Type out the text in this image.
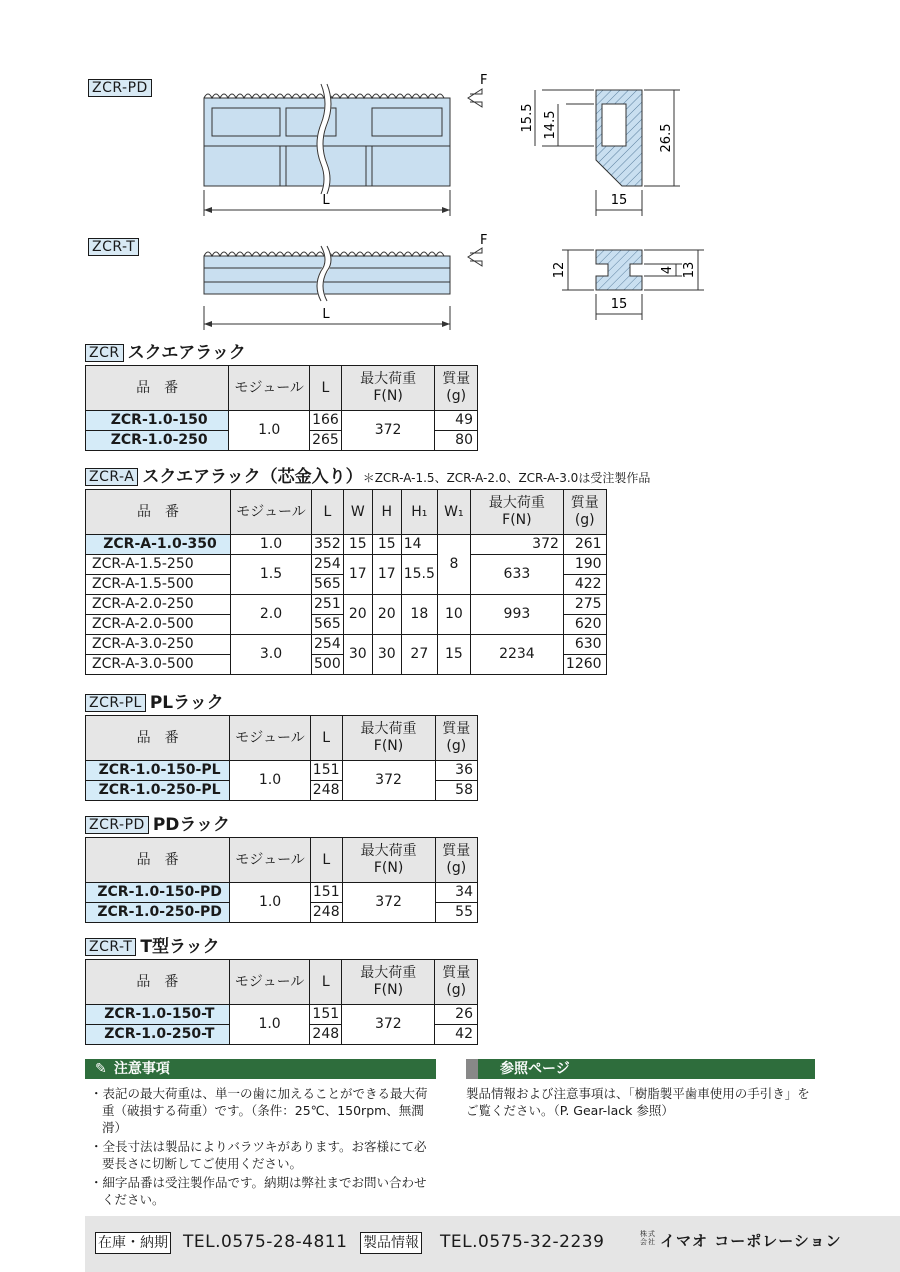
ZCR-PD
ZCR-T
L
F
15.5 14.5	26.5
15
L
F
12	4 13
15
ZCR スクエアラック
品　番	モジュール	L	最大荷重
F(N)	質量
(g)
ZCR-1.0-150	1.0	166	372	49
ZCR-1.0-250		265		80
ZCR-A スクエアラック（芯金入り）＊ZCR-A-1.5、ZCR-A-2.0、ZCR-A-3.0は受注製作品
品　番	モジュール	L	W	H	H₁	W₁	最大荷重
F(N)	質量
(g)
ZCR-A-1.0-350	1.0	352	15	15	14	8	372	261
ZCR-A-1.5-250	1.5	254	17	17	15.5		633	190
ZCR-A-1.5-500		565						422
ZCR-A-2.0-250	2.0	251	20	20	18	10	993	275
ZCR-A-2.0-500		565						620
ZCR-A-3.0-250	3.0	254	30	30	27	15	2234	630
ZCR-A-3.0-500		500						1260
ZCR-PL PLラック
品　番	モジュール	L	最大荷重
F(N)	質量
(g)
ZCR-1.0-150-PL	1.0	151	372	36
ZCR-1.0-250-PL		248		58
ZCR-PD PDラック
品　番	モジュール	L	最大荷重
F(N)	質量
(g)
ZCR-1.0-150-PD	1.0	151	372	34
ZCR-1.0-250-PD		248		55
ZCR-T T型ラック
品　番	モジュール	L	最大荷重
F(N)	質量
(g)
ZCR-1.0-150-T	1.0	151	372	26
ZCR-1.0-250-T		248		42
✎ 注意事項
・表記の最大荷重は、単一の歯に加えることができる最大荷重（破損する荷重）です。（条件：25℃、150rpm、無潤滑）
・全長寸法は製品によりバラツキがあります。お客様にて必要長さに切断してご使用ください。
・細字品番は受注製作品です。納期は弊社までお問い合わせください。
参照ページ
製品情報および注意事項は、「樹脂製平歯車使用の手引き」をご覧ください。（P. Gear-lack 参照）
在庫・納期 TEL.0575-28-4811 製品情報 TEL.0575-32-2239	株式会社 イマオ コーポレーション
